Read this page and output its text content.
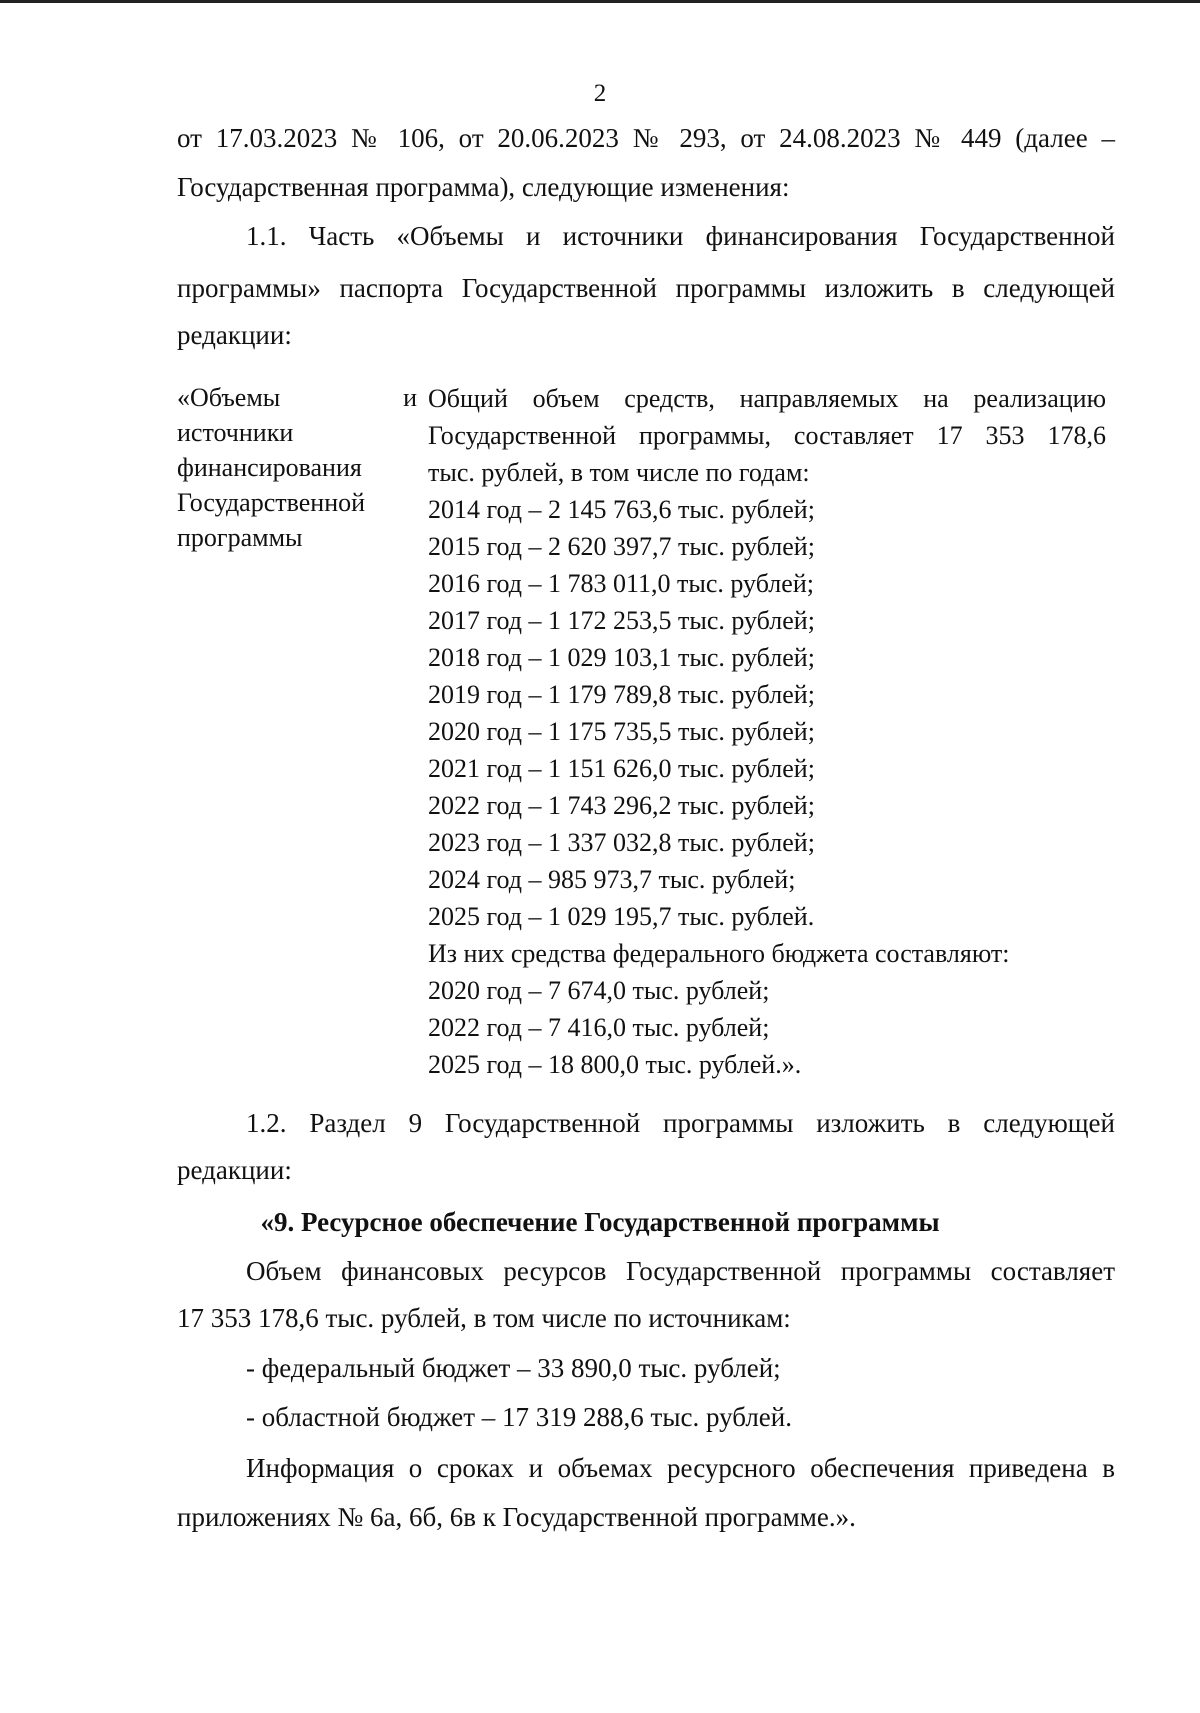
2
от 17.03.2023 № 106, от 20.06.2023 № 293, от 24.08.2023 № 449 (далее –
Государственная программа), следующие изменения:
1.1. Часть «Объемы и источники финансирования Государственной
программы» паспорта Государственной программы изложить в следующей
редакции:
«Объемы	и
источники
финансирования
Государственной
программы
Общий объем средств, направляемых на реализацию
Государственной программы, составляет 17 353 178,6
тыс. рублей, в том числе по годам:
2014 год – 2 145 763,6 тыс. рублей;
2015 год – 2 620 397,7 тыс. рублей;
2016 год – 1 783 011,0 тыс. рублей;
2017 год – 1 172 253,5 тыс. рублей;
2018 год – 1 029 103,1 тыс. рублей;
2019 год – 1 179 789,8 тыс. рублей;
2020 год – 1 175 735,5 тыс. рублей;
2021 год – 1 151 626,0 тыс. рублей;
2022 год – 1 743 296,2 тыс. рублей;
2023 год – 1 337 032,8 тыс. рублей;
2024 год – 985 973,7 тыс. рублей;
2025 год – 1 029 195,7 тыс. рублей.
Из них средства федерального бюджета составляют:
2020 год – 7 674,0 тыс. рублей;
2022 год – 7 416,0 тыс. рублей;
2025 год – 18 800,0 тыс. рублей.».
1.2. Раздел 9 Государственной программы изложить в следующей
редакции:
«9. Ресурсное обеспечение Государственной программы
Объем финансовых ресурсов Государственной программы составляет
17 353 178,6 тыс. рублей, в том числе по источникам:
- федеральный бюджет – 33 890,0 тыс. рублей;
- областной бюджет – 17 319 288,6 тыс. рублей.
Информация о сроках и объемах ресурсного обеспечения приведена в
приложениях № 6а, 6б, 6в к Государственной программе.».
